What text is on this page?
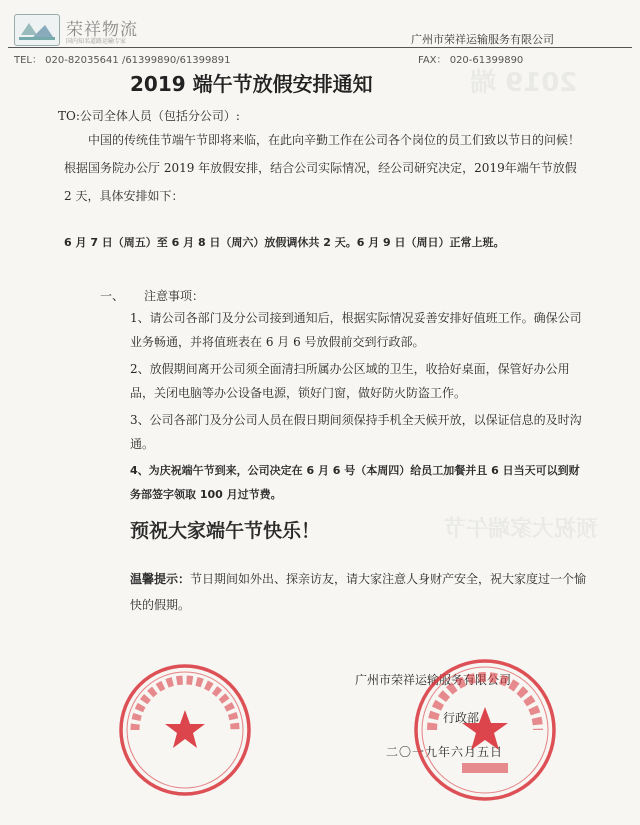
2019 端
预祝大家端午节
荣祥物流
国内知名道路运输专家	广州市荣祥运输服务有限公司
TEL： 020-82035641 /61399890/61399891	FAX： 020-61399890
2019 端午节放假安排通知
TO:公司全体人员（包括分公司）:
中国的传统佳节端午节即将来临，在此向辛勤工作在公司各个岗位的员工们致以节日的问候！根据国务院办公厅 2019 年放假安排，结合公司实际情况，经公司研究决定，2019年端午节放假 2 天，具体安排如下：
6 月 7 日（周五）至 6 月 8 日（周六）放假调休共 2 天。6 月 9 日（周日）正常上班。
一、 注意事项：
1、请公司各部门及分公司接到通知后，根据实际情况妥善安排好值班工作。确保公司业务畅通，并将值班表在 6 月 6 号放假前交到行政部。
2、放假期间离开公司须全面清扫所属办公区域的卫生，收拾好桌面，保管好办公用品，关闭电脑等办公设备电源，锁好门窗，做好防火防盗工作。
3、公司各部门及分公司人员在假日期间须保持手机全天候开放，以保证信息的及时沟通。
4、为庆祝端午节到来，公司决定在 6 月 6 号（本周四）给员工加餐并且 6 日当天可以到财务部签字领取 100 月过节费。
预祝大家端午节快乐！
温馨提示：节日期间如外出、探亲访友，请大家注意人身财产安全，祝大家度过一个愉快的假期。
广州市荣祥运输服务有限公司
行政部
二〇一九年六月五日
